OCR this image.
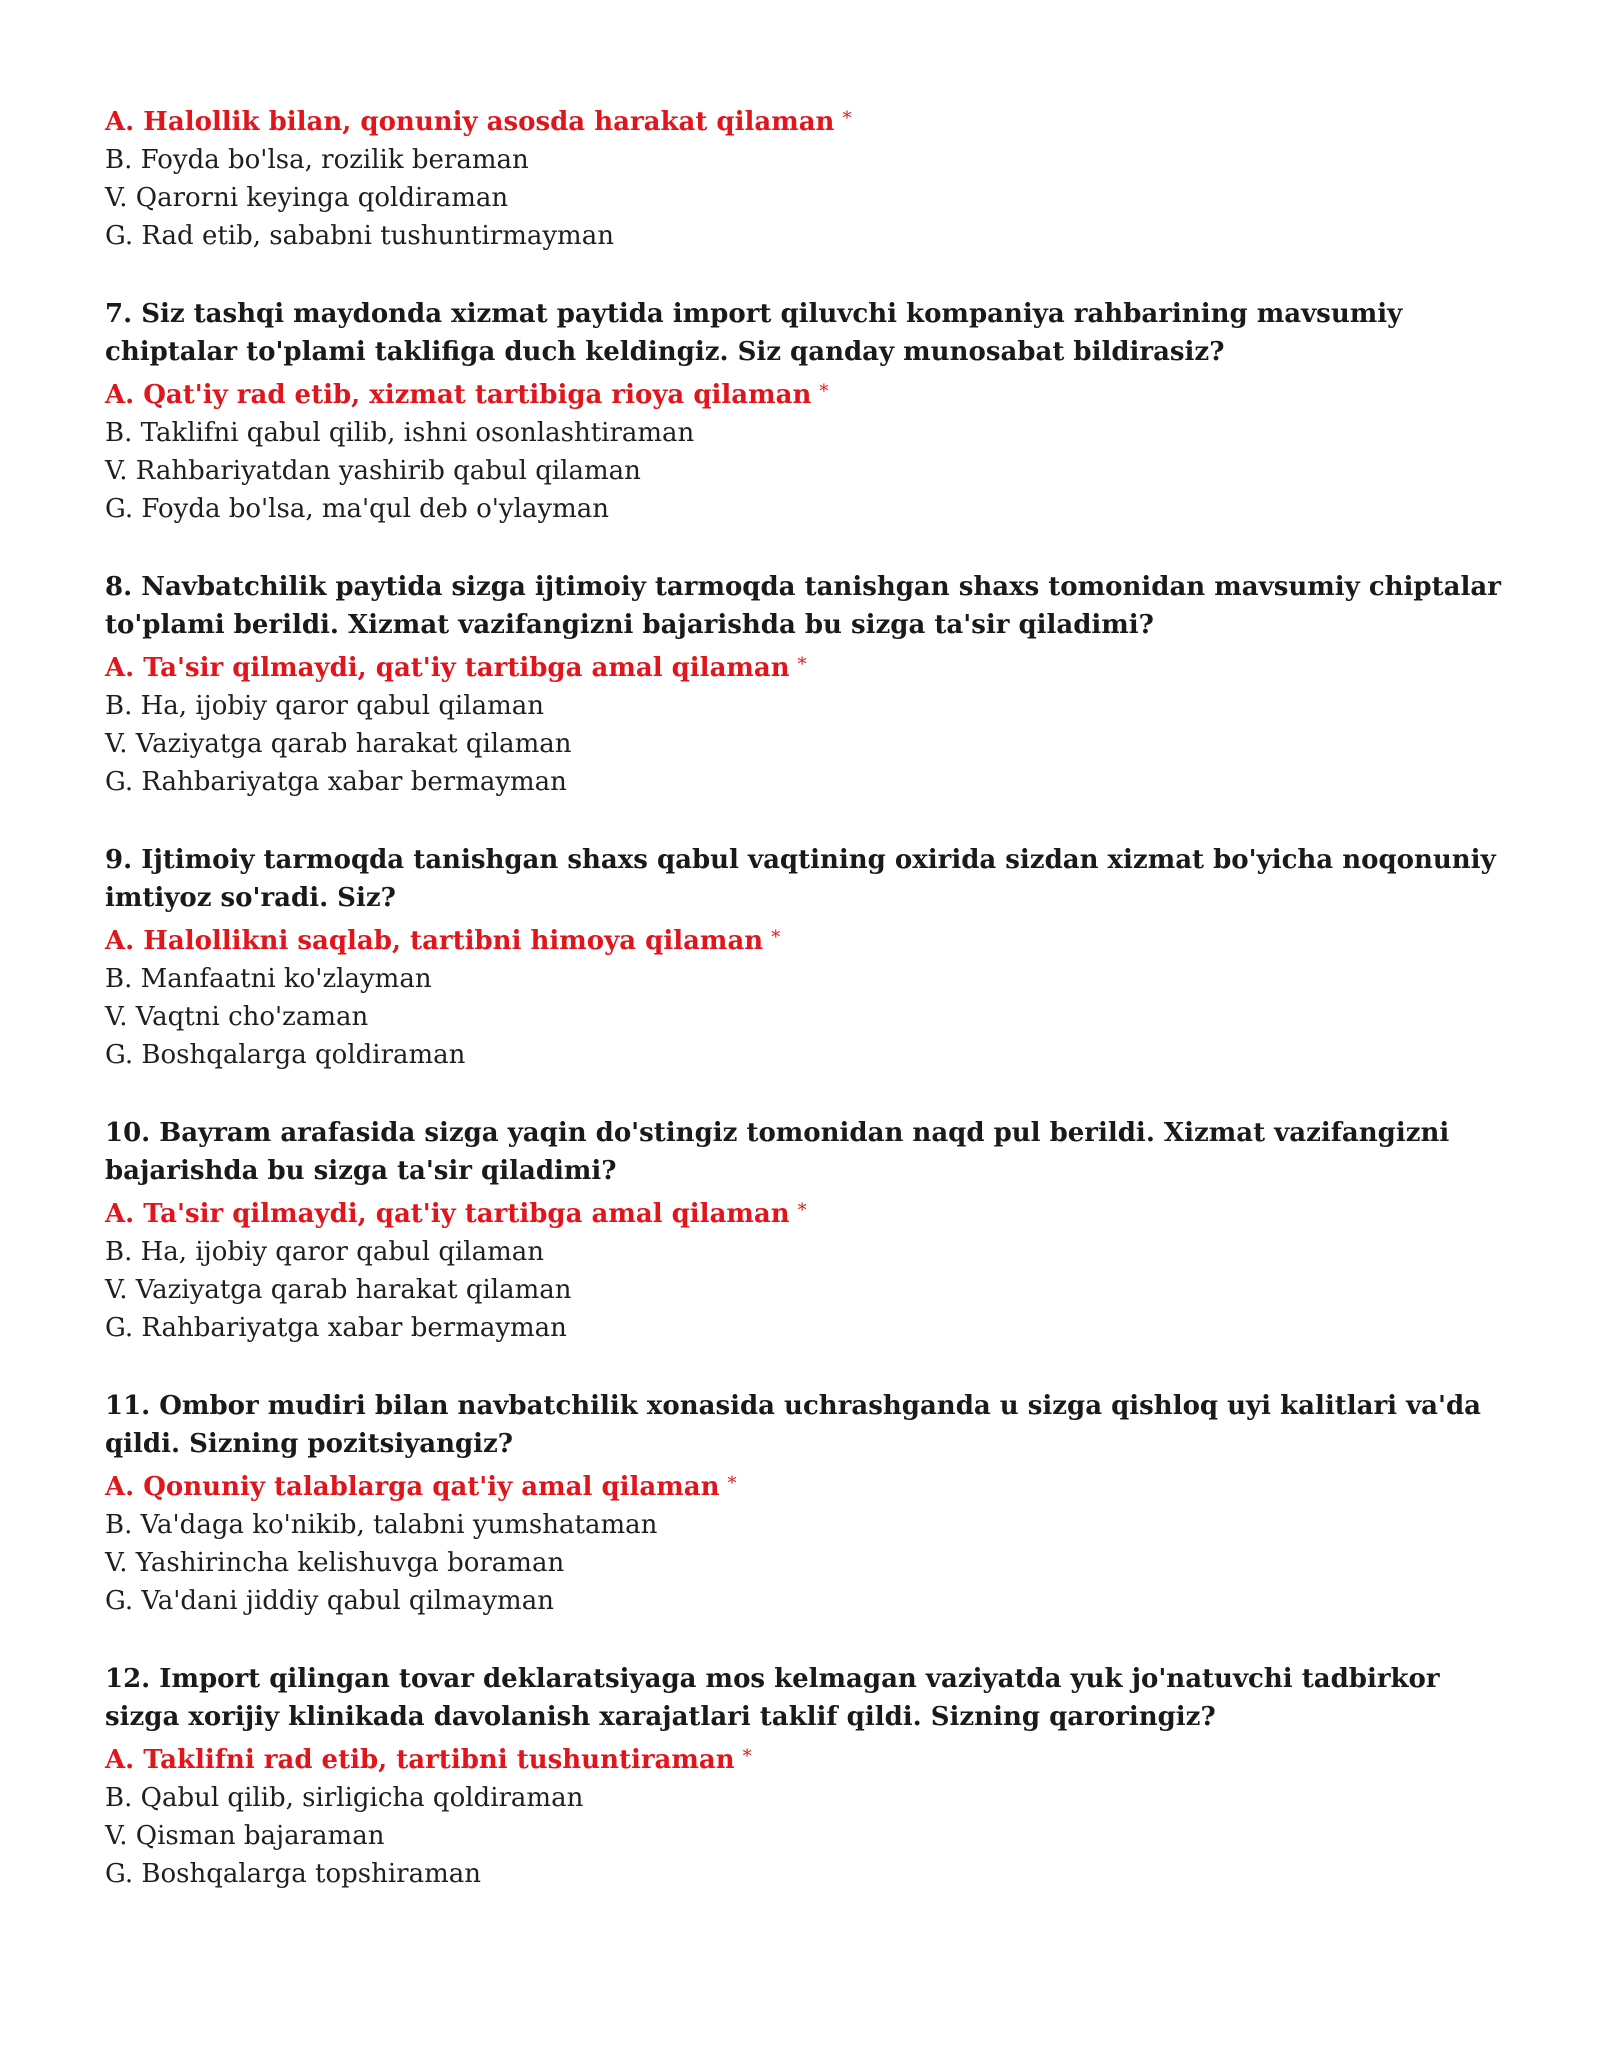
A. Halollik bilan, qonuniy asosda harakat qilaman *

B. Foyda bo'lsa, rozilik beraman

V. Qarorni keyinga qoldiraman

G. Rad etib, sababni tushuntirmayman

7. Siz tashqi maydonda xizmat paytida import qiluvchi kompaniya rahbarining mavsumiy chiptalar to'plami taklifiga duch keldingiz. Siz qanday munosabat bildirasiz?

A. Qat'iy rad etib, xizmat tartibiga rioya qilaman *

B. Taklifni qabul qilib, ishni osonlashtiraman

V. Rahbariyatdan yashirib qabul qilaman

G. Foyda bo'lsa, ma'qul deb o'ylayman

8. Navbatchilik paytida sizga ijtimoiy tarmoqda tanishgan shaxs tomonidan mavsumiy chiptalar to'plami berildi. Xizmat vazifangizni bajarishda bu sizga ta'sir qiladimi?

A. Ta'sir qilmaydi, qat'iy tartibga amal qilaman *

B. Ha, ijobiy qaror qabul qilaman

V. Vaziyatga qarab harakat qilaman

G. Rahbariyatga xabar bermayman

9. Ijtimoiy tarmoqda tanishgan shaxs qabul vaqtining oxirida sizdan xizmat bo'yicha noqonuniy imtiyoz so'radi. Siz?

A. Halollikni saqlab, tartibni himoya qilaman *

B. Manfaatni ko'zlayman

V. Vaqtni cho'zaman

G. Boshqalarga qoldiraman

10. Bayram arafasida sizga yaqin do'stingiz tomonidan naqd pul berildi. Xizmat vazifangizni bajarishda bu sizga ta'sir qiladimi?

A. Ta'sir qilmaydi, qat'iy tartibga amal qilaman *

B. Ha, ijobiy qaror qabul qilaman

V. Vaziyatga qarab harakat qilaman

G. Rahbariyatga xabar bermayman

11. Ombor mudiri bilan navbatchilik xonasida uchrashganda u sizga qishloq uyi kalitlari va'da qildi. Sizning pozitsiyangiz?

A. Qonuniy talablarga qat'iy amal qilaman *

B. Va'daga ko'nikib, talabni yumshataman

V. Yashirincha kelishuvga boraman

G. Va'dani jiddiy qabul qilmayman

12. Import qilingan tovar deklaratsiyaga mos kelmagan vaziyatda yuk jo'natuvchi tadbirkor sizga xorijiy klinikada davolanish xarajatlari taklif qildi. Sizning qaroringiz?

A. Taklifni rad etib, tartibni tushuntiraman *

B. Qabul qilib, sirligicha qoldiraman

V. Qisman bajaraman

G. Boshqalarga topshiraman
